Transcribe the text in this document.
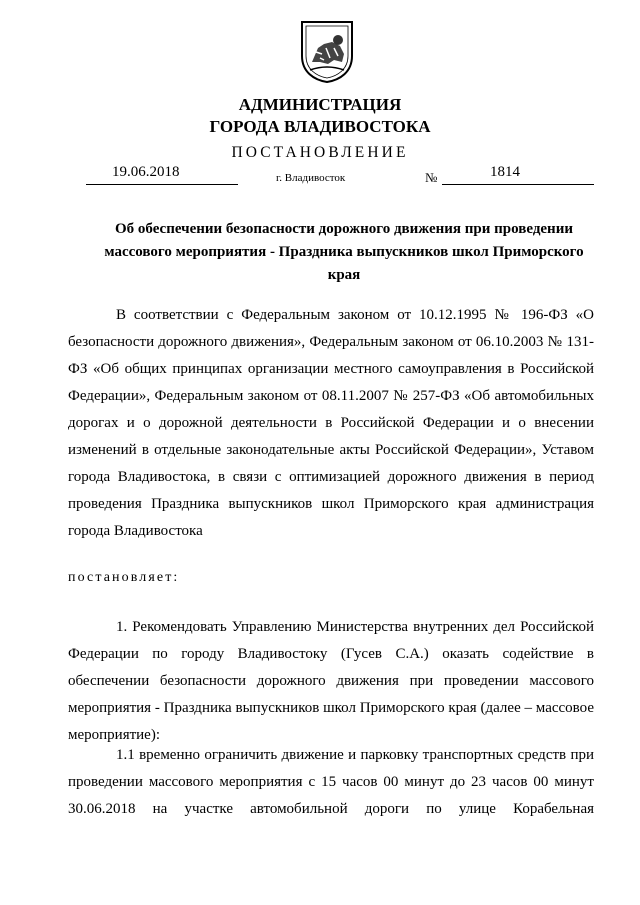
АДМИНИСТРАЦИЯ
ГОРОДА ВЛАДИВОСТОКА
ПОСТАНОВЛЕНИЕ
19.06.2018	г. Владивосток	№	1814
Об обеспечении безопасности дорожного движения при проведении массового мероприятия - Праздника выпускников школ Приморского края
В соответствии с Федеральным законом от 10.12.1995 № 196-ФЗ «О безопасности дорожного движения», Федеральным законом от 06.10.2003 № 131-ФЗ «Об общих принципах организации местного самоуправления в Российской Федерации», Федеральным законом от 08.11.2007 № 257-ФЗ «Об автомобильных дорогах и о дорожной деятельности в Российской Федерации и о внесении изменений в отдельные законодательные акты Российской Федерации», Уставом города Владивостока, в связи с оптимизацией дорожного движения в период проведения Праздника выпускников школ Приморского края администрация города Владивостока
постановляет:
1. Рекомендовать Управлению Министерства внутренних дел Российской Федерации по городу Владивостоку (Гусев С.А.) оказать содействие в обеспечении безопасности дорожного движения при проведении массового мероприятия - Праздника выпускников школ Приморского края (далее – массовое мероприятие):
1.1 временно ограничить движение и парковку транспортных средств при проведении массового мероприятия с 15 часов 00 минут до 23 часов 00 минут 30.06.2018 на участке автомобильной дороги по улице Корабельная
